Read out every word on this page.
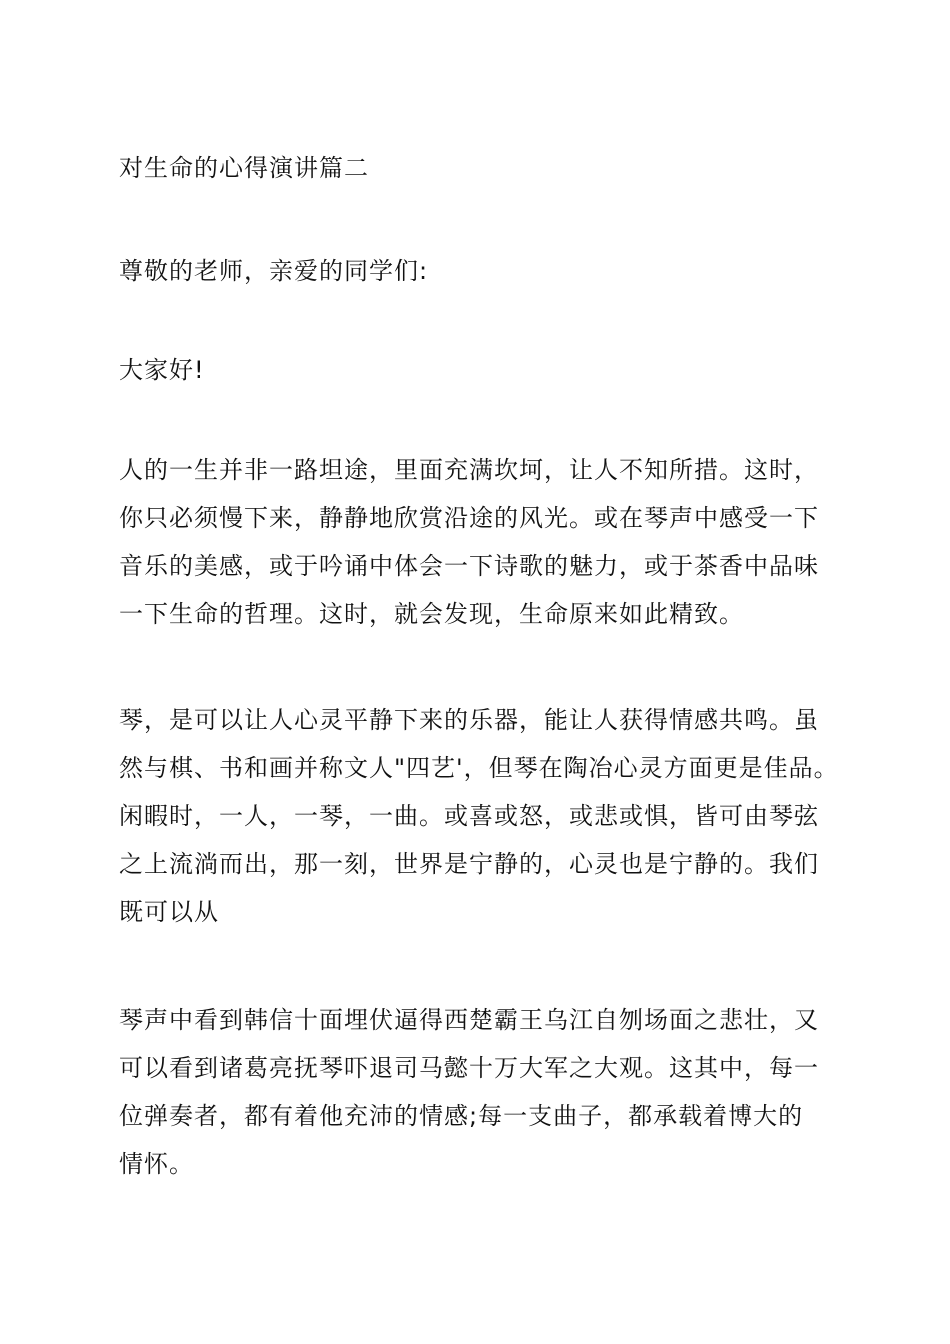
对生命的心得演讲篇二
尊敬的老师，亲爱的同学们:
大家好!
人的一生并非一路坦途，里面充满坎坷，让人不知所措。这时，
你只必须慢下来，静静地欣赏沿途的风光。或在琴声中感受一下
音乐的美感，或于吟诵中体会一下诗歌的魅力，或于茶香中品味
一下生命的哲理。这时，就会发现，生命原来如此精致。
琴，是可以让人心灵平静下来的乐器，能让人获得情感共鸣。虽
然与棋、书和画并称文人"四艺'，但琴在陶冶心灵方面更是佳品。
闲暇时，一人，一琴，一曲。或喜或怒，或悲或惧，皆可由琴弦
之上流淌而出，那一刻，世界是宁静的，心灵也是宁静的。我们
既可以从
琴声中看到韩信十面埋伏逼得西楚霸王乌江自刎场面之悲壮，又
可以看到诸葛亮抚琴吓退司马懿十万大军之大观。这其中，每一
位弹奏者，都有着他充沛的情感;每一支曲子，都承载着博大的
情怀。
